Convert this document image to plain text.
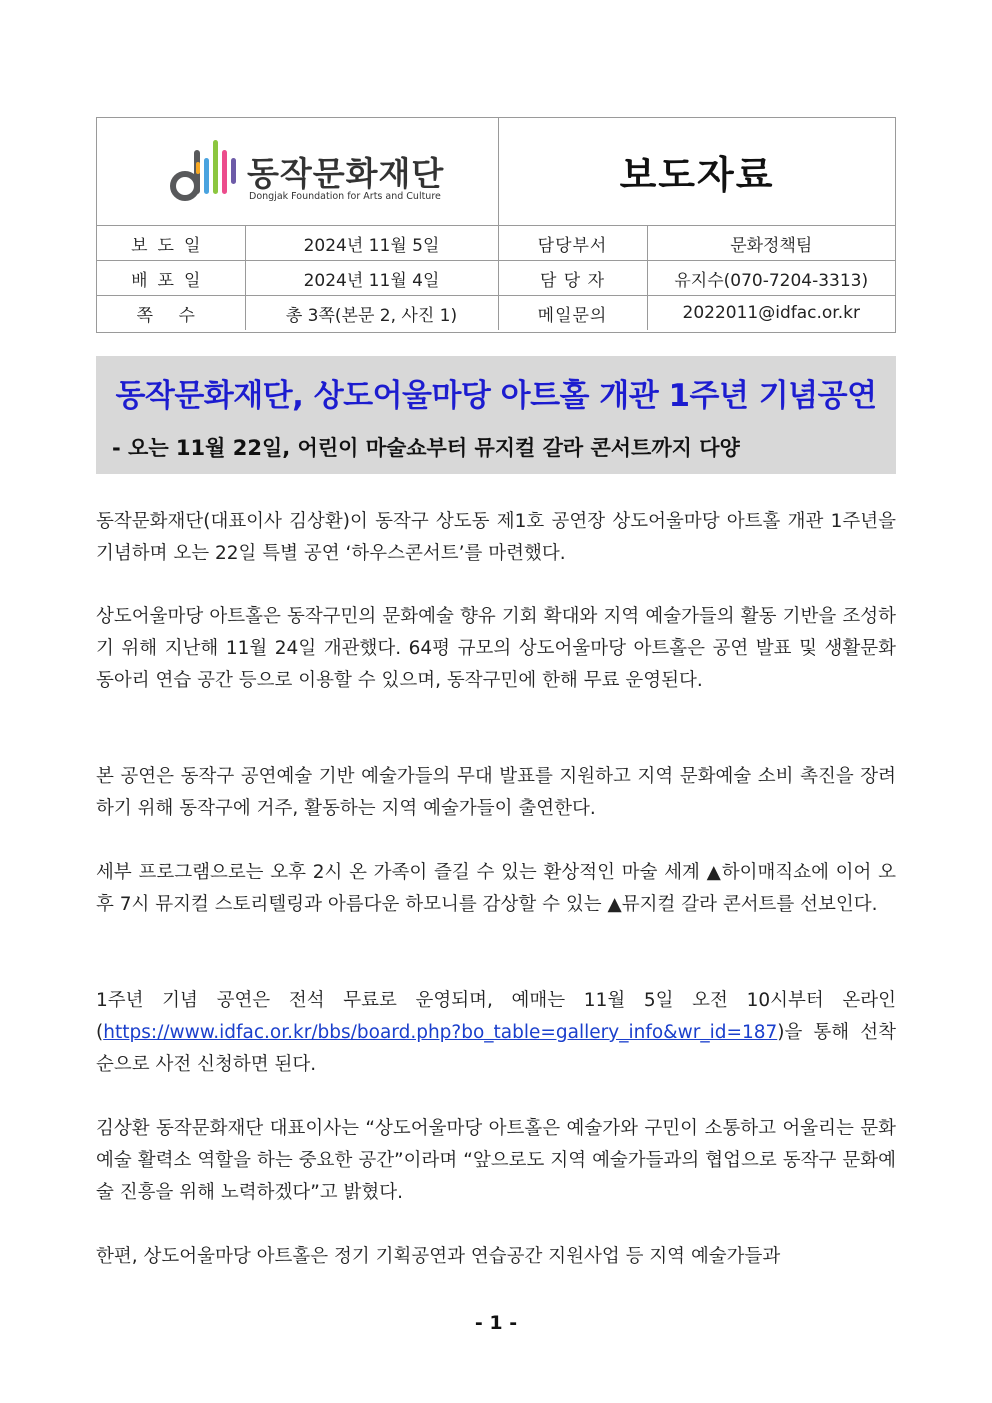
동작문화재단
Dongjak Foundation for Arts and Culture	보도자료
보도일	2024년 11월 5일	담당부서	문화정책팀
배포일	2024년 11월 4일	담 당 자	유지수(070-7204-3313)
쪽 수	총 3쪽(본문 2, 사진 1)	메일문의	2022011@idfac.or.kr
동작문화재단, 상도어울마당 아트홀 개관 1주년 기념공연
- 오는 11월 22일, 어린이 마술쇼부터 뮤지컬 갈라 콘서트까지 다양
동작문화재단(대표이사 김상환)이 동작구 상도동 제1호 공연장 상도어울마당 아트홀 개관 1주년을 기념하며 오는 22일 특별 공연 ‘하우스콘서트’를 마련했다.
상도어울마당 아트홀은 동작구민의 문화예술 향유 기회 확대와 지역 예술가들의 활동 기반을 조성하기 위해 지난해 11월 24일 개관했다. 64평 규모의 상도어울마당 아트홀은 공연 발표 및 생활문화 동아리 연습 공간 등으로 이용할 수 있으며, 동작구민에 한해 무료 운영된다.
본 공연은 동작구 공연예술 기반 예술가들의 무대 발표를 지원하고 지역 문화예술 소비 촉진을 장려하기 위해 동작구에 거주, 활동하는 지역 예술가들이 출연한다.
세부 프로그램으로는 오후 2시 온 가족이 즐길 수 있는 환상적인 마술 세계 ▲하이매직쇼에 이어 오후 7시 뮤지컬 스토리텔링과 아름다운 하모니를 감상할 수 있는 ▲뮤지컬 갈라 콘서트를 선보인다.
1주년 기념 공연은 전석 무료로 운영되며, 예매는 11월 5일 오전 10시부터 온라인(https://www.idfac.or.kr/bbs/board.php?bo_table=gallery_info&wr_id=187)을 통해 선착순으로 사전 신청하면 된다.
김상환 동작문화재단 대표이사는 “상도어울마당 아트홀은 예술가와 구민이 소통하고 어울리는 문화예술 활력소 역할을 하는 중요한 공간”이라며 “앞으로도 지역 예술가들과의 협업으로 동작구 문화예술 진흥을 위해 노력하겠다”고 밝혔다.
한편, 상도어울마당 아트홀은 정기 기획공연과 연습공간 지원사업 등 지역 예술가들과
- 1 -
